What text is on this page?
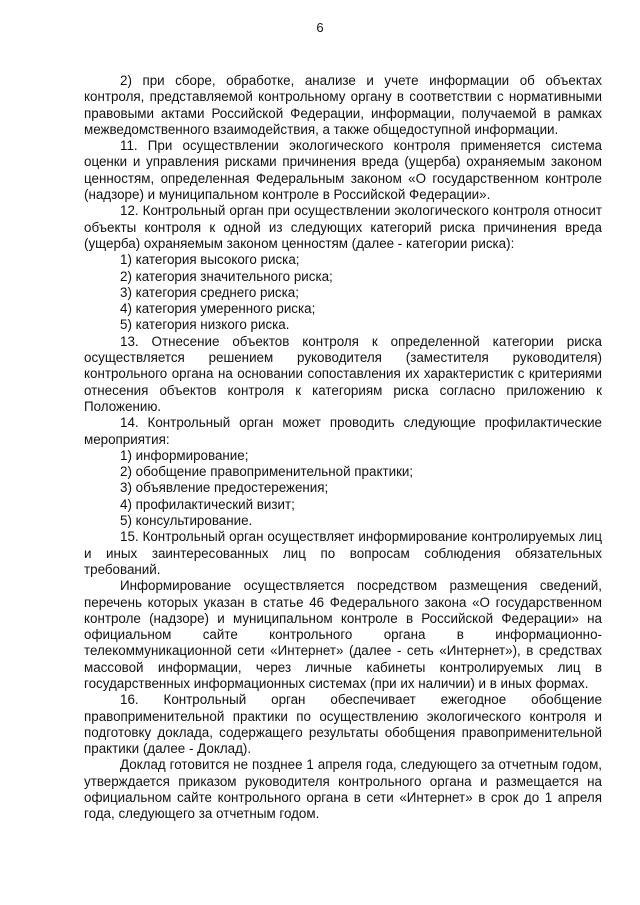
6

2) при сборе, обработке, анализе и учете информации об объектах контроля, представляемой контрольному органу в соответствии с нормативными правовыми актами Российской Федерации, информации, получаемой в рамках межведомственного взаимодействия, а также общедоступной информации.

11. При осуществлении экологического контроля применяется система оценки и управления рисками причинения вреда (ущерба) охраняемым законом ценностям, определенная Федеральным законом «О государственном контроле (надзоре) и муниципальном контроле в Российской Федерации».

12. Контрольный орган при осуществлении экологического контроля относит объекты контроля к одной из следующих категорий риска причинения вреда (ущерба) охраняемым законом ценностям (далее - категории риска):

1) категория высокого риска;

2) категория значительного риска;

3) категория среднего риска;

4) категория умеренного риска;

5) категория низкого риска.

13. Отнесение объектов контроля к определенной категории риска осуществляется решением руководителя (заместителя руководителя) контрольного органа на основании сопоставления их характеристик с критериями отнесения объектов контроля к категориям риска согласно приложению к Положению.

14. Контрольный орган может проводить следующие профилактические мероприятия:

1) информирование;

2) обобщение правоприменительной практики;

3) объявление предостережения;

4) профилактический визит;

5) консультирование.

15. Контрольный орган осуществляет информирование контролируемых лиц и иных заинтересованных лиц по вопросам соблюдения обязательных требований.

Информирование осуществляется посредством размещения сведений, перечень которых указан в статье 46 Федерального закона «О государственном контроле (надзоре) и муниципальном контроле в Российской Федерации» на официальном сайте контрольного органа в информационно-телекоммуникационной сети «Интернет» (далее - сеть «Интернет»), в средствах массовой информации, через личные кабинеты контролируемых лиц в государственных информационных системах (при их наличии) и в иных формах.

16. Контрольный орган обеспечивает ежегодное обобщение правоприменительной практики по осуществлению экологического контроля и подготовку доклада, содержащего результаты обобщения правоприменительной практики (далее - Доклад).

Доклад готовится не позднее 1 апреля года, следующего за отчетным годом, утверждается приказом руководителя контрольного органа и размещается на официальном сайте контрольного органа в сети «Интернет» в срок до 1 апреля года, следующего за отчетным годом.
